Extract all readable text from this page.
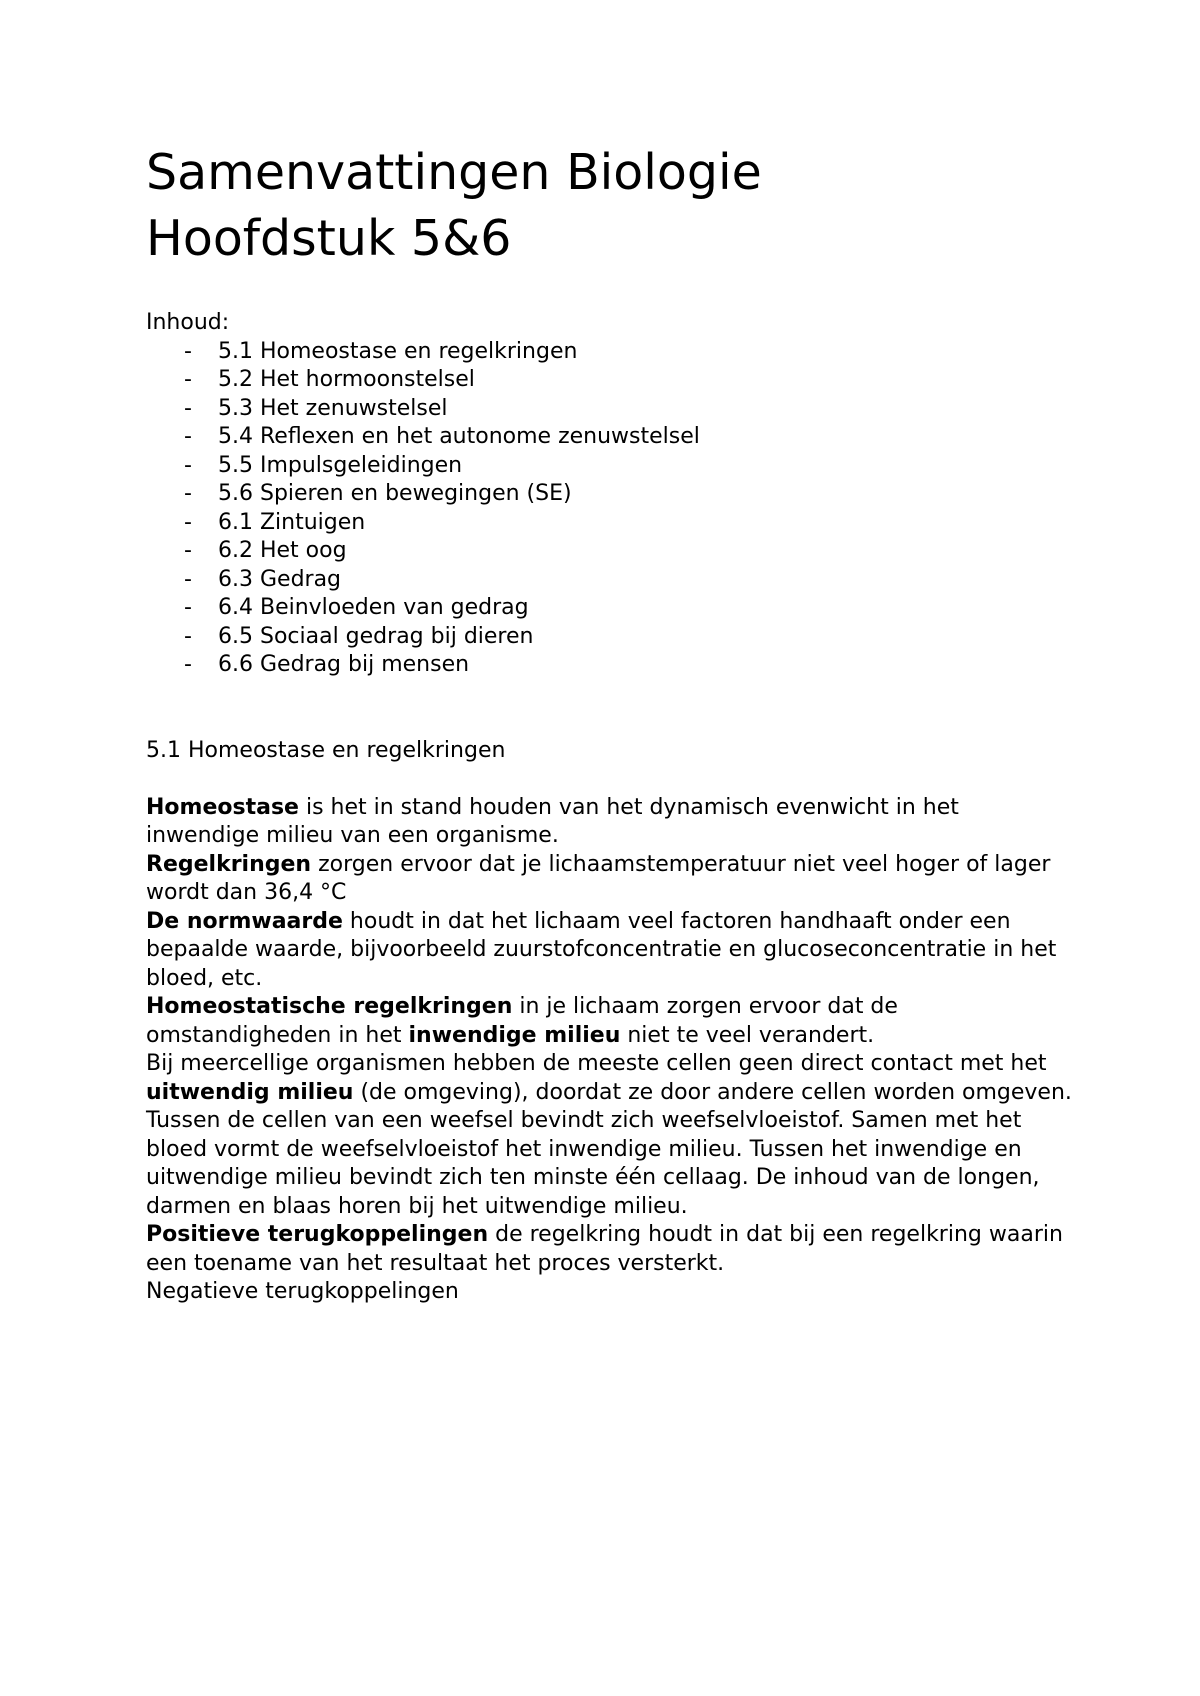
Samenvattingen Biologie
Hoofdstuk 5&6
Inhoud:
- 5.1 Homeostase en regelkringen
- 5.2 Het hormoonstelsel
- 5.3 Het zenuwstelsel
- 5.4 Reflexen en het autonome zenuwstelsel
- 5.5 Impulsgeleidingen
- 5.6 Spieren en bewegingen (SE)
- 6.1 Zintuigen
- 6.2 Het oog
- 6.3 Gedrag
- 6.4 Beinvloeden van gedrag
- 6.5 Sociaal gedrag bij dieren
- 6.6 Gedrag bij mensen
5.1 Homeostase en regelkringen

Homeostase is het in stand houden van het dynamisch evenwicht in het inwendige milieu van een organisme.

Regelkringen zorgen ervoor dat je lichaamstemperatuur niet veel hoger of lager wordt dan 36,4 °C

De normwaarde houdt in dat het lichaam veel factoren handhaaft onder een bepaalde waarde, bijvoorbeeld zuurstofconcentratie en glucoseconcentratie in het bloed, etc.

Homeostatische regelkringen in je lichaam zorgen ervoor dat de omstandigheden in het inwendige milieu niet te veel verandert.

Bij meercellige organismen hebben de meeste cellen geen direct contact met het uitwendig milieu (de omgeving), doordat ze door andere cellen worden omgeven. Tussen de cellen van een weefsel bevindt zich weefselvloeistof. Samen met het bloed vormt de weefselvloeistof het inwendige milieu. Tussen het inwendige en uitwendige milieu bevindt zich ten minste één cellaag. De inhoud van de longen, darmen en blaas horen bij het uitwendige milieu.

Positieve terugkoppelingen de regelkring houdt in dat bij een regelkring waarin een toename van het resultaat het proces versterkt.

Negatieve terugkoppelingen
